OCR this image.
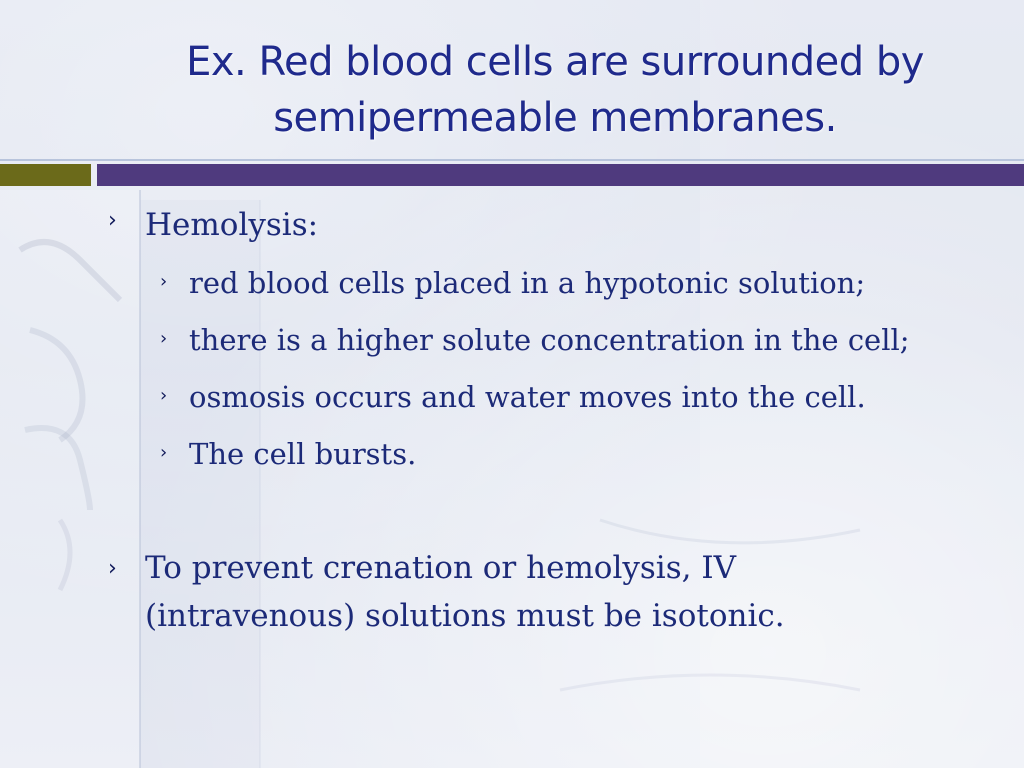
Ex. Red blood cells are surrounded by
semipermeable membranes.
› Hemolysis:
› red blood cells placed in a hypotonic solution;
› there is a higher solute concentration in the cell;
› osmosis occurs and water moves into the cell.
› The cell bursts.
› To prevent crenation or hemolysis, IV
(intravenous) solutions must be isotonic.
